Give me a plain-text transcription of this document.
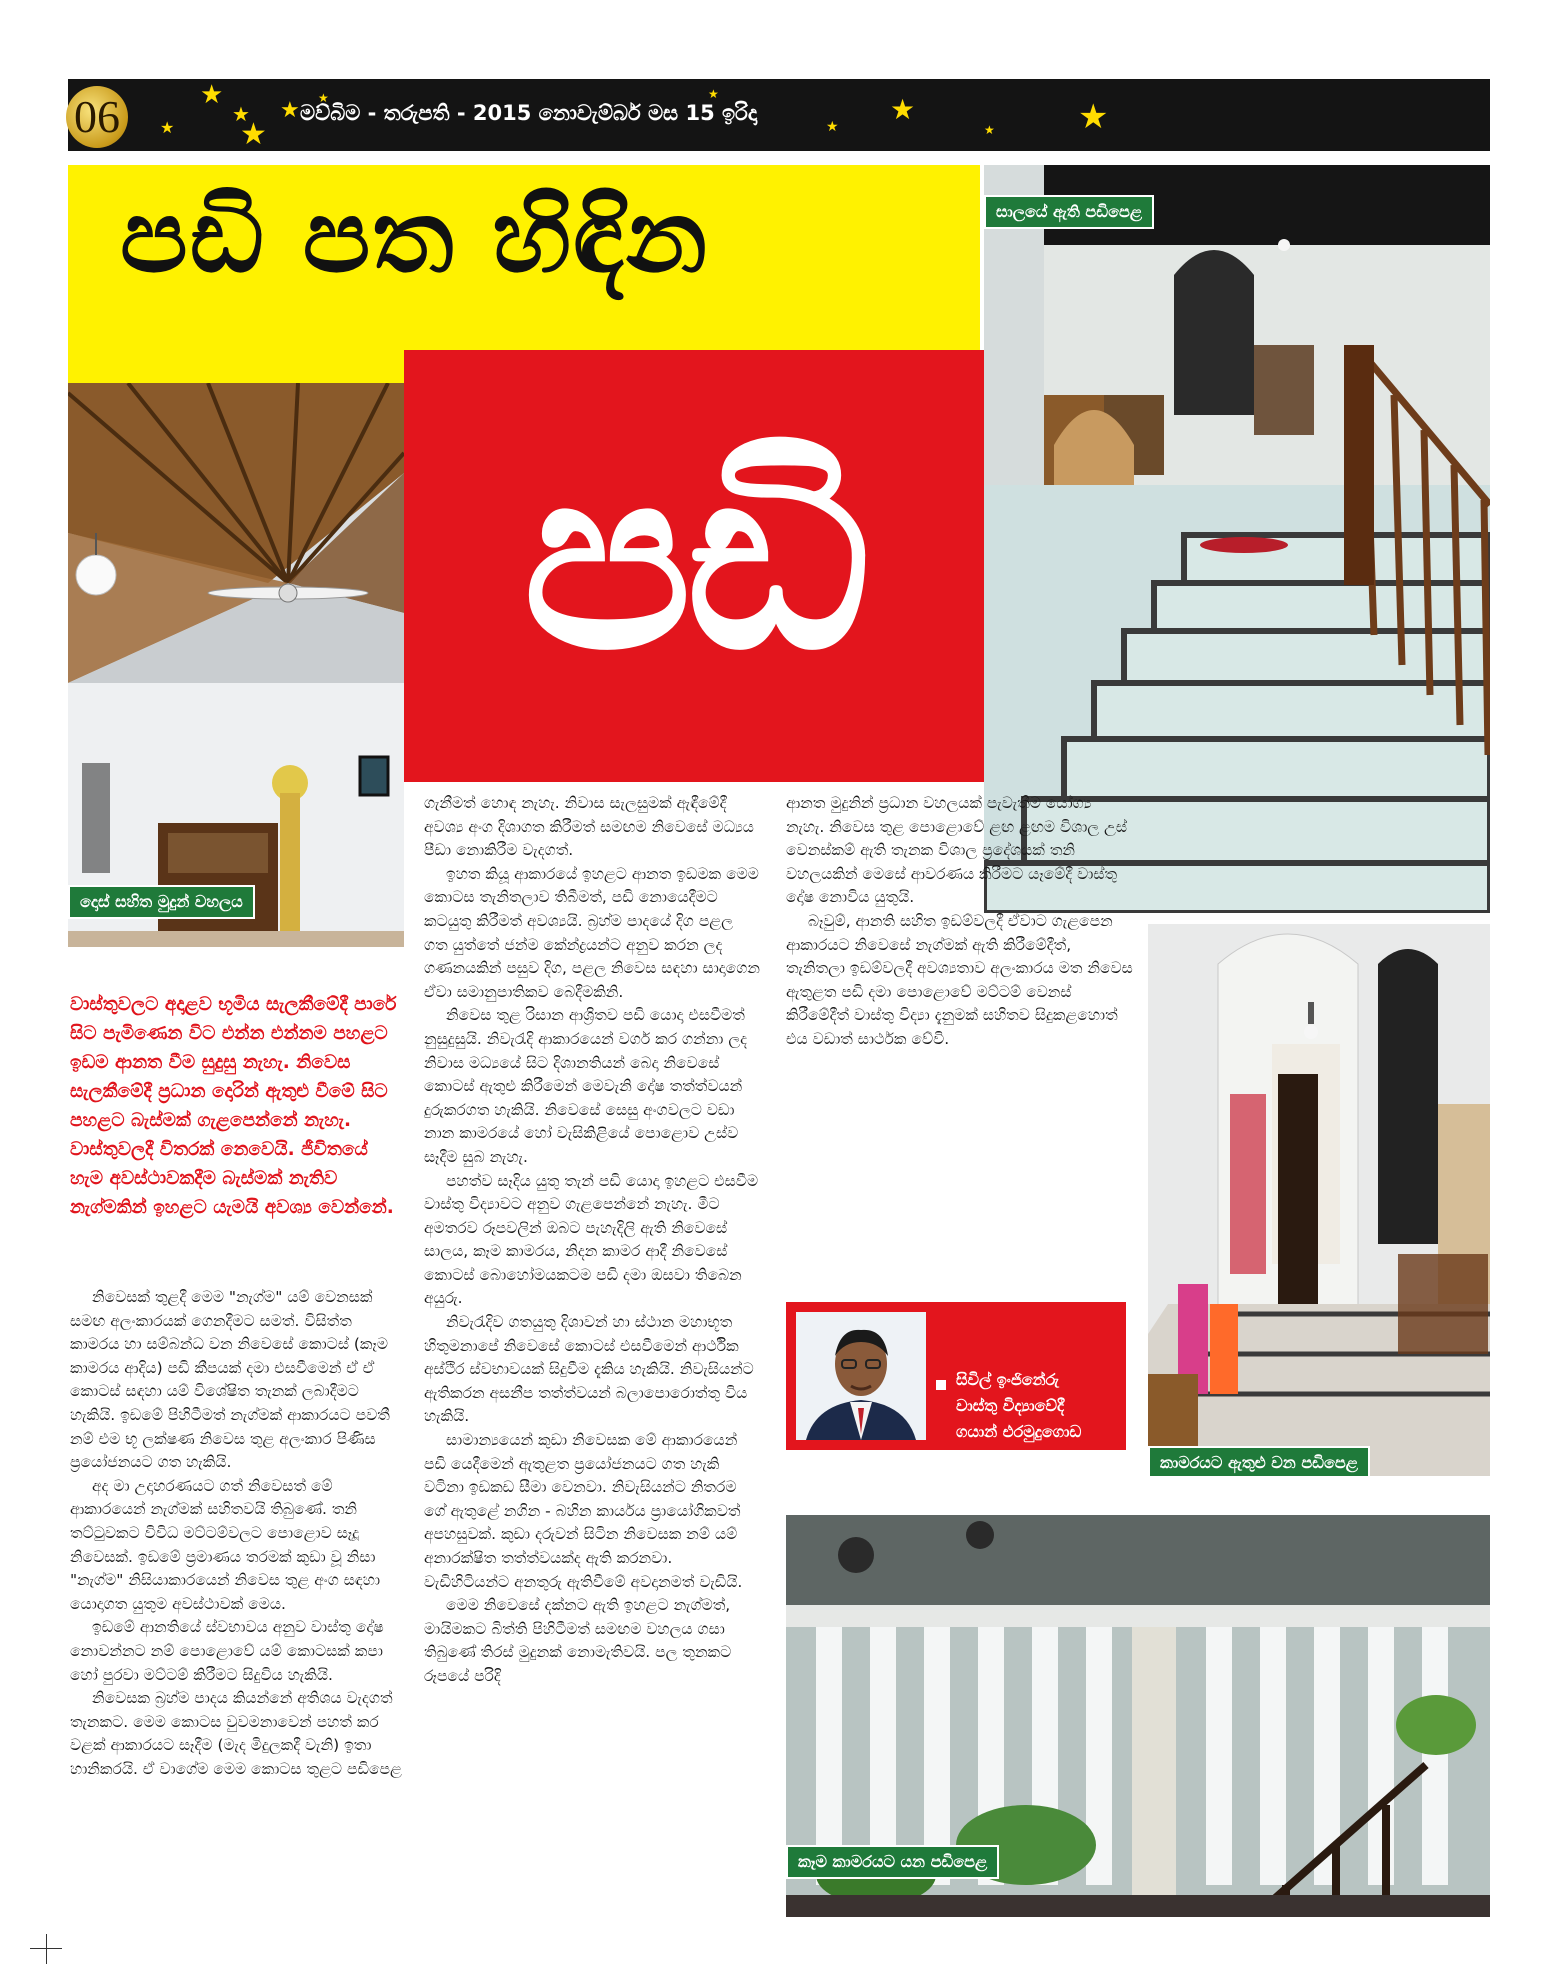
★
★
★ ★
★ ★	★
★
★
★ ★
06	මව්බිම - තරුපති - 2015 නොවැම්බර් මස 15 ඉරිදා
පඩි පත හිඳින
දොස් සහිත මුදුන් වහලය
පඩි
සාලයේ ඇති පඩිපෙළ
කාමරයට ඇතුළු වන පඩිපෙළ
කෑම කාමරයට යන පඩිපෙළ
වාස්තුවලට අදාළව භූමිය සැලකීමේදී පාරේ සිට පැමිණෙන විට එන්න එන්නම පහළට ඉඩම ආනත වීම සුදුසු නැහැ. නිවෙස සැලකීමේදී ප්‍රධාන දොරින් ඇතුළු වීමේ සිට පහළට බැස්මක් ගැළපෙන්නේ නැහැ. වාස්තුවලදී විතරක් නෙවෙයි. ජීවිතයේ හැම අවස්ථාවකදීම බැස්මක් නැතිව නැග්මකින් ඉහළට යැමයි අවශ්‍ය වෙන්නේ.

නිවෙසක් තුළදී මෙම "නැග්ම" යම් වෙනසක් සමඟ අලංකාරයක් ගෙනදීමට සමත්. විසිත්ත කාමරය හා සම්බන්ධ වන නිවෙසේ කොටස් (කෑම කාමරය ආදිය) පඩි කීපයක් දමා එසවීමෙන් ඒ ඒ කොටස් සඳහා යම් විශේෂිත තැනක් ලබාදීමට හැකියි. ඉඩමේ පිහිටීමත් නැග්මක් ආකාරයට පවතී නම් එම භූ ලක්ෂණ නිවෙස තුළ අලංකාර පිණිස ප්‍රයෝජනයට ගත හැකියි.

අද මා උදාහරණයට ගත් නිවෙසත් මේ ආකාරයෙන් නැග්මක් සහිතවයි තිබුණේ. තනි තට්ටුවකට විවිධ මට්ටම්වලට පොළොව සෑදූ නිවෙසක්. ඉඩමේ ප්‍රමාණය තරමක් කුඩා වූ නිසා "නැග්ම" නිසියාකාරයෙන් නිවෙස තුළ අංග සඳහා යොදාගත යුතුම අවස්ථාවක් මෙය.

ඉඩමේ ආනතියේ ස්වභාවය අනුව වාස්තු දෝෂ නොවන්නට නම් පොළොවේ යම් කොටසක් කපා හෝ පුරවා මට්ටම් කිරීමට සිදුවිය හැකියි.

නිවෙසක බ්‍රහ්ම පාදය කියන්නේ අතිශය වැදගත් තැනකට. මෙම කොටස වුවමනාවෙන් පහත් කර වළක් ආකාරයට සෑදීම (මැද මිදුලකදී වැනි) ඉතා හානිකරයි. ඒ වාගේම මෙම කොටස තුළට පඩිපෙළ

ගැනීමත් හොඳ නැහැ. නිවාස සැලසුමක් ඇඳීමේදී අවශ්‍ය අංග දිශාගත කිරීමත් සමඟම නිවෙසේ මධ්‍යය පීඩා නොකිරීම වැදගත්.

ඉහත කියූ ආකාරයේ ඉහළට ආනත ඉඩමක මෙම කොටස තැනිතලාව තිබීමත්, පඩි නොයෙදීමට කටයුතු කිරීමත් අවශ්‍යයි. බ්‍රහ්ම පාදයේ දිග පළල ගත යුත්තේ ජන්ම කේන්ද්‍රයන්ට අනුව කරන ලද ගණනයකින් පසුව දිග, පළල නිවෙස සඳහා සාදාගෙන ඒවා සමානුපාතිකව බෙදීමකිනි.

නිවෙස තුළ රිසාන ආශ්‍රිතව පඩි යොදා එසවීමත් නුසුදුසුයි. නිවැරැදි ආකාරයෙන් වර්ග කර ගන්නා ලද නිවාස මධ්‍යයේ සිට දිශානතියන් බෙදා නිවෙසේ කොටස් ඇතුළු කිරීමෙන් මෙවැනි දෝෂ තත්ත්වයන් දුරුකරගත හැකියි. නිවෙසේ සෙසු අංගවලට වඩා නාන කාමරයේ හෝ වැසිකිළියේ පොළොව උස්ව සෑදීම සුබ නැහැ.

පහත්ව සෑදිය යුතු තැන් පඩි යොදා ඉහළට එසවීම වාස්තු විද්‍යාවට අනුව ගැළපෙන්නේ නැහැ. මීට අමතරව රූපවලින් ඔබට පැහැදිලි ඇති නිවෙසේ සාලය, කෑම කාමරය, නිදන කාමර ආදී නිවෙසේ කොටස් බොහෝමයකටම පඩි දමා ඔසවා තිබෙන අයුරු.

නිවැරැදිව ගතයුතු දිශාවන් හා ස්ථාන මහාභූත හිතුමනාපේ නිවෙසේ කොටස් එසවීමෙන් ආර්ථික අස්ථිර ස්වභාවයක් සිදුවීම දැකිය හැකියි. නිවැසියන්ට ඇතිකරන අසනීප තත්ත්වයන් බලාපොරොත්තු විය හැකියි.

සාමාන්‍යයෙන් කුඩා නිවෙසක මේ ආකාරයෙන් පඩි යෙදීමෙන් ඇතුළත ප්‍රයෝජනයට ගත හැකි වටිනා ඉඩකඩ සීමා වෙනවා. නිවැසියන්ට නිතරම ගේ ඇතුළේ නගින - බහින කාර්යය ප්‍රායෝගිකවත් අපහසුවක්. කුඩා දරුවන් සිටින නිවෙසක නම් යම් අනාරක්ෂිත තත්ත්වයක්ද ඇති කරනවා. වැඩිහිටියන්ට අනතුරු ඇතිවීමේ අවදානමත් වැඩියි.

මෙම නිවෙසේ දක්නට ඇති ඉහළට නැග්මත්, මායිමකට බිත්ති පිහිටීමත් සමඟම වහලය ගසා තිබුණේ තිරස් මුදුනක් නොමැතිවයි. පල තුනකට රූපයේ පරිදි

ආනත මුදුනින් ප්‍රධාන වහලයක් පැවැතීම යෝග්‍ය නැහැ. නිවෙස තුළ පොළොවේ ළඟ ළඟම විශාල උස් වෙනස්කම් ඇති තැනක විශාල ප්‍රදේශයක් තනි වහලයකින් මෙසේ ආවරණය කිරීමට යෑමේදී වාස්තු දෝෂ නොවිය යුතුයි.

බෑවුම්, ආනති සහිත ඉඩම්වලදී ඒවාට ගැළපෙන ආකාරයට නිවෙසේ නැග්මක් ඇති කිරීමේදීත්, තැනිතලා ඉඩම්වලදී අවශ්‍යතාව අලංකාරය මත නිවෙස ඇතුළත පඩි දමා පොළොවේ මට්ටම් වෙනස් කිරීමේදීත් වාස්තු විද්‍යා දැනුමක් සහිතව සිදුකළහොත් එය වඩාත් සාර්ථක වේවි.

සිවිල් ඉංජිනේරු
වාස්තු විද්‍යාවේදී
ගයාන් එරමුදුගොඩ
0727808809
